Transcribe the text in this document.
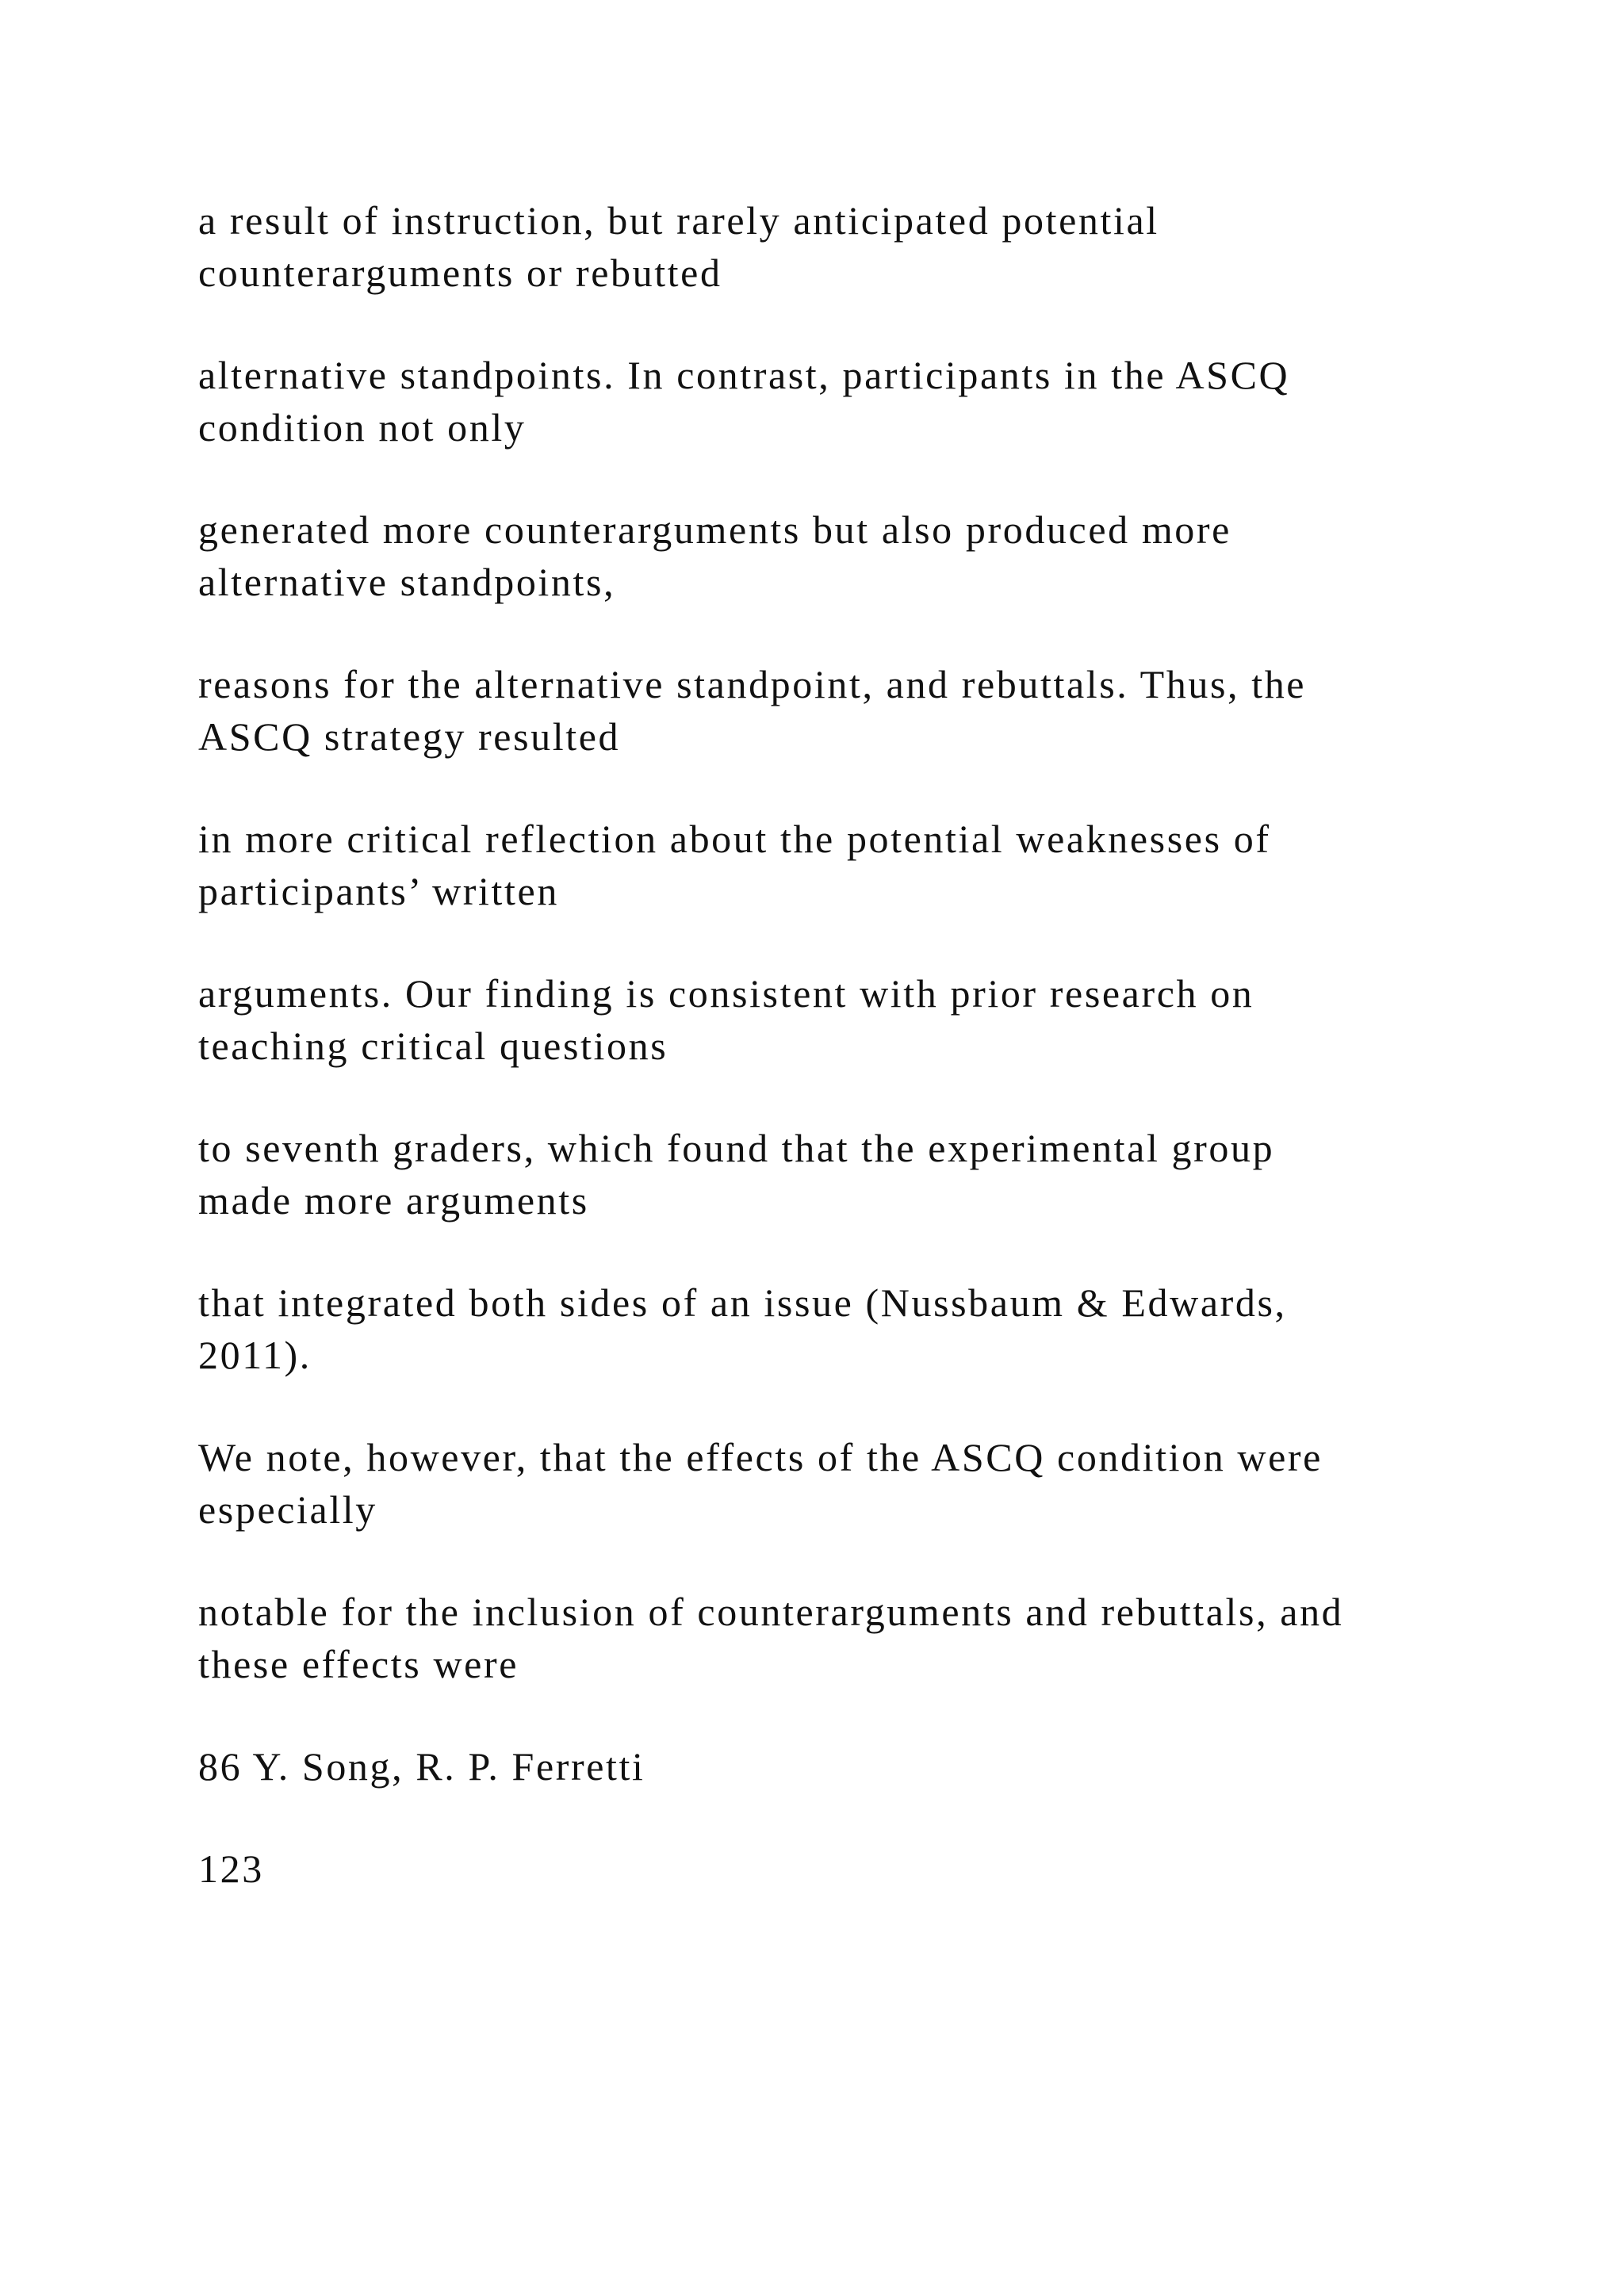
a result of instruction, but rarely anticipated potential
counterarguments or rebutted

alternative standpoints. In contrast, participants in the ASCQ
condition not only

generated more counterarguments but also produced more
alternative standpoints,

reasons for the alternative standpoint, and rebuttals. Thus, the
ASCQ strategy resulted

in more critical reflection about the potential weaknesses of
participants’ written

arguments. Our finding is consistent with prior research on
teaching critical questions

to seventh graders, which found that the experimental group
made more arguments

that integrated both sides of an issue (Nussbaum & Edwards,
2011).

We note, however, that the effects of the ASCQ condition were
especially

notable for the inclusion of counterarguments and rebuttals, and
these effects were

86 Y. Song, R. P. Ferretti

123
